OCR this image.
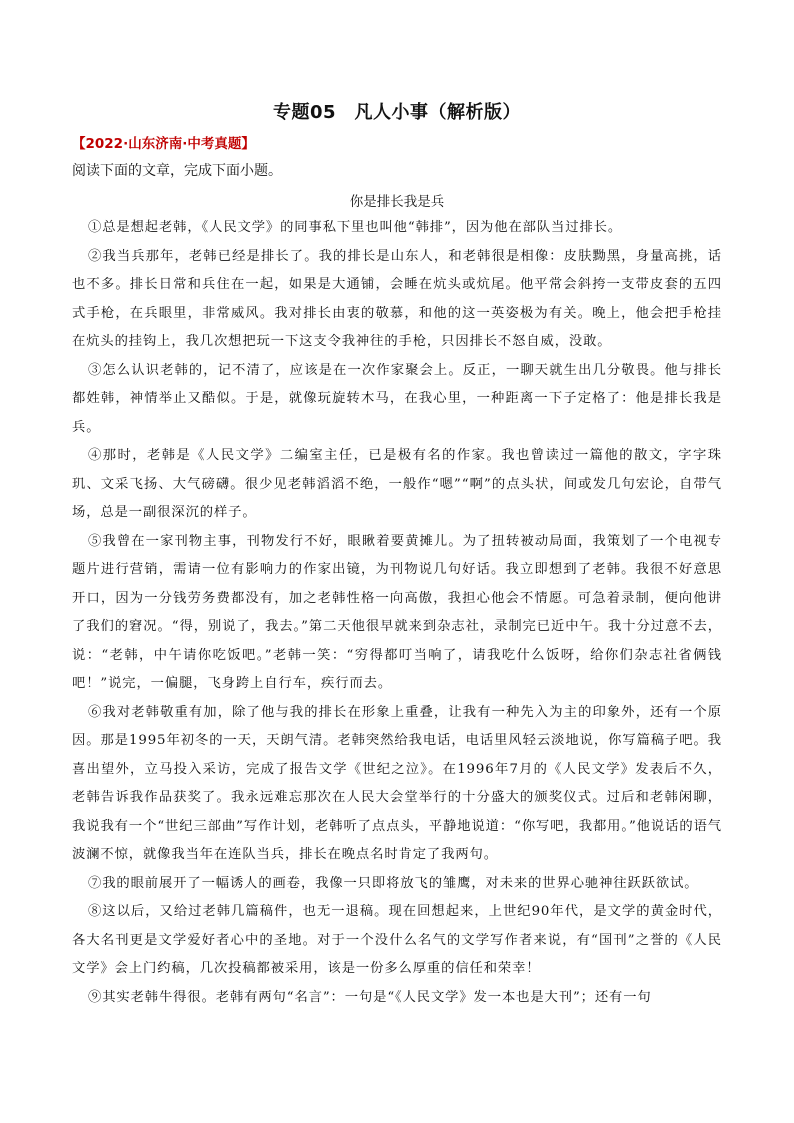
专题05　凡人小事（解析版）
【2022·山东济南·中考真题】
阅读下面的文章，完成下面小题。
你是排长我是兵

①总是想起老韩，《人民文学》的同事私下里也叫他“韩排”，因为他在部队当过排长。

②我当兵那年，老韩已经是排长了。我的排长是山东人，和老韩很是相像：皮肤黝黑，身量高挑，话也不多。排长日常和兵住在一起，如果是大通铺，会睡在炕头或炕尾。他平常会斜挎一支带皮套的五四式手枪，在兵眼里，非常威风。我对排长由衷的敬慕，和他的这一英姿极为有关。晚上，他会把手枪挂在炕头的挂钩上，我几次想把玩一下这支令我神往的手枪，只因排长不怒自威，没敢。

③怎么认识老韩的，记不清了，应该是在一次作家聚会上。反正，一聊天就生出几分敬畏。他与排长都姓韩，神情举止又酷似。于是，就像玩旋转木马，在我心里，一种距离一下子定格了：他是排长我是兵。

④那时，老韩是《人民文学》二编室主任，已是极有名的作家。我也曾读过一篇他的散文，字字珠玑、文采飞扬、大气磅礴。很少见老韩滔滔不绝，一般作“嗯”“啊”的点头状，间或发几句宏论，自带气场，总是一副很深沉的样子。

⑤我曾在一家刊物主事，刊物发行不好，眼瞅着要黄摊儿。为了扭转被动局面，我策划了一个电视专题片进行营销，需请一位有影响力的作家出镜，为刊物说几句好话。我立即想到了老韩。我很不好意思开口，因为一分钱劳务费都没有，加之老韩性格一向高傲，我担心他会不情愿。可急着录制，便向他讲了我们的窘况。“得，别说了，我去。”第二天他很早就来到杂志社，录制完已近中午。我十分过意不去，说：“老韩，中午请你吃饭吧。”老韩一笑：“穷得都叮当响了，请我吃什么饭呀，给你们杂志社省俩钱吧！”说完，一偏腿，飞身跨上自行车，疾行而去。

⑥我对老韩敬重有加，除了他与我的排长在形象上重叠，让我有一种先入为主的印象外，还有一个原因。那是1995年初冬的一天，天朗气清。老韩突然给我电话，电话里风轻云淡地说，你写篇稿子吧。我喜出望外，立马投入采访，完成了报告文学《世纪之泣》。在1996年7月的《人民文学》发表后不久，老韩告诉我作品获奖了。我永远难忘那次在人民大会堂举行的十分盛大的颁奖仪式。过后和老韩闲聊，我说我有一个“世纪三部曲”写作计划，老韩听了点点头，平静地说道：“你写吧，我都用。”他说话的语气波澜不惊，就像我当年在连队当兵，排长在晚点名时肯定了我两句。

⑦我的眼前展开了一幅诱人的画卷，我像一只即将放飞的雏鹰，对未来的世界心驰神往跃跃欲试。

⑧这以后，又给过老韩几篇稿件，也无一退稿。现在回想起来，上世纪90年代，是文学的黄金时代，各大名刊更是文学爱好者心中的圣地。对于一个没什么名气的文学写作者来说，有“国刊”之誉的《人民文学》会上门约稿，几次投稿都被采用，该是一份多么厚重的信任和荣幸！

⑨其实老韩牛得很。老韩有两句“名言”：一句是“《人民文学》发一本也是大刊”；还有一句
